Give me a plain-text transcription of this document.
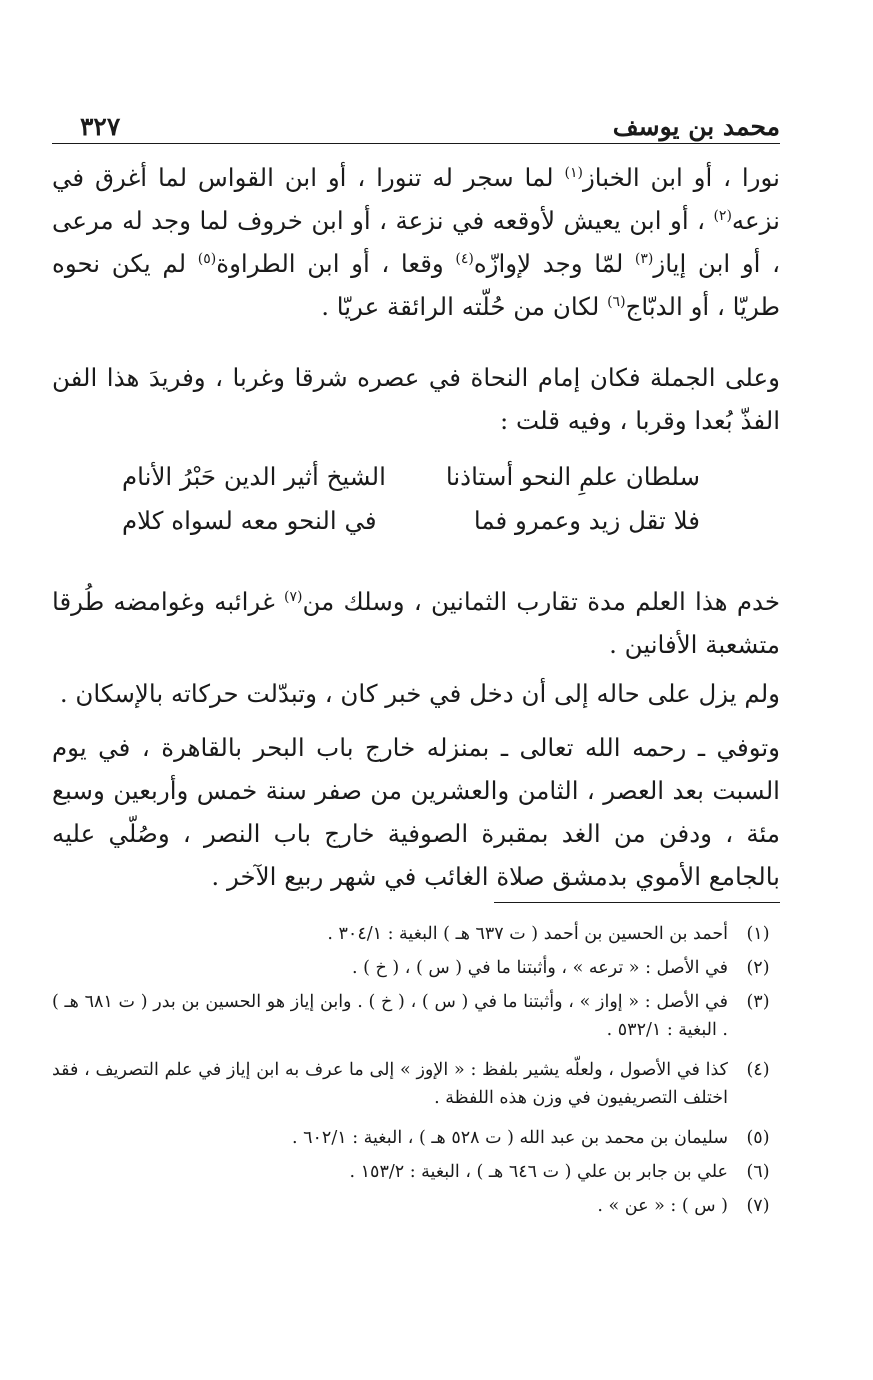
محمد بن يوسف
٣٢٧

نورا ، أو ابن الخباز$^{(١)}$ لما سجر له تنورا ، أو ابن القواس لما أغرق في نزعه$^{(٢)}$ ، أو ابن يعيش لأوقعه في نزعة ، أو ابن خروف لما وجد له مرعى ، أو ابن إياز$^{(٣)}$ لمّا وجد لإوازّه$^{(٤)}$ وقعا ، أو ابن الطراوة$^{(٥)}$ لم يكن نحوه طريّا ، أو الدبّاج$^{(٦)}$ لكان من حُلّته الرائقة عريّا .

وعلى الجملة فكان إمام النحاة في عصره شرقا وغربا ، وفريدَ هذا الفن الفذّ بُعدا وقربا ، وفيه قلت :

سلطان علمِ النحو أستاذنا
الشيخ أثير الدين حَبْرُ الأنام
فلا تقل زيد وعمرو فما
في النحو معه لسواه كلام

خدم هذا العلم مدة تقارب الثمانين ، وسلك من$^{(٧)}$ غرائبه وغوامضه طُرقا متشعبة الأفانين .

ولم يزل على حاله إلى أن دخل في خبر كان ، وتبدّلت حركاته بالإسكان .

وتوفي ـ رحمه الله تعالى ـ بمنزله خارج باب البحر بالقاهرة ، في يوم السبت بعد العصر ، الثامن والعشرين من صفر سنة خمس وأربعين وسبع مئة ، ودفن من الغد بمقبرة الصوفية خارج باب النصر ، وصُلّي عليه بالجامع الأموي بدمشق صلاة الغائب في شهر ربيع الآخر .

(١)
أحمد بن الحسين بن أحمد ( ت ٦٣٧ هـ ) البغية : ٣٠٤/١ .
(٢)
في الأصل : « ترعه » ، وأثبتنا ما في ( س ) ، ( خ ) .
(٣)
في الأصل : « إواز » ، وأثبتنا ما في ( س ) ، ( خ ) . وابن إياز هو الحسين بن بدر ( ت ٦٨١ هـ ) . البغية : ٥٣٢/١ .
(٤)
كذا في الأصول ، ولعلّه يشير بلفظ : « الإوز » إلى ما عرف به ابن إياز في علم التصريف ، فقد اختلف التصريفيون في وزن هذه اللفظة .
(٥)
سليمان بن محمد بن عبد الله ( ت ٥٢٨ هـ ) ، البغية : ٦٠٢/١ .
(٦)
علي بن جابر بن علي ( ت ٦٤٦ هـ ) ، البغية : ١٥٣/٢ .
(٧)
( س ) : « عن » .
